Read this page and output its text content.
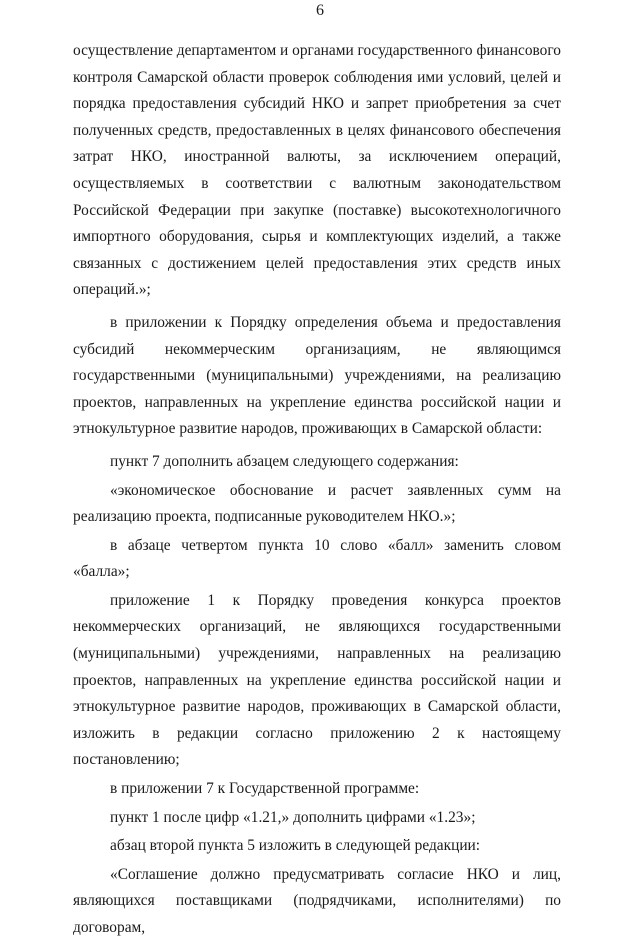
6

осуществление департаментом и органами государственного финансового контроля Самарской области проверок соблюдения ими условий, целей и порядка предоставления субсидий НКО и запрет приобретения за счет полученных средств, предоставленных в целях финансового обеспечения затрат НКО, иностранной валюты, за исключением операций, осуществляемых в соответствии с валютным законодательством Российской Федерации при закупке (поставке) высокотехнологичного импортного оборудования, сырья и комплектующих изделий, а также связанных с достижением целей предоставления этих средств иных операций.»;

в приложении к Порядку определения объема и предоставления субсидий некоммерческим организациям, не являющимся государственными (муниципальными) учреждениями, на реализацию проектов, направленных на укрепление единства российской нации и этнокультурное развитие народов, проживающих в Самарской области:

пункт 7 дополнить абзацем следующего содержания:

«экономическое обоснование и расчет заявленных сумм на реализацию проекта, подписанные руководителем НКО.»;

в абзаце четвертом пункта 10 слово «балл» заменить словом «балла»;

приложение 1 к Порядку проведения конкурса проектов некоммерческих организаций, не являющихся государственными (муниципальными) учреждениями, направленных на реализацию проектов, направленных на укрепление единства российской нации и этнокультурное развитие народов, проживающих в Самарской области, изложить в редакции согласно приложению 2 к настоящему постановлению;

в приложении 7 к Государственной программе:

пункт 1 после цифр «1.21,» дополнить цифрами «1.23»;

абзац второй пункта 5 изложить в следующей редакции:

«Соглашение должно предусматривать согласие НКО и лиц, являющихся поставщиками (подрядчиками, исполнителями) по договорам,
